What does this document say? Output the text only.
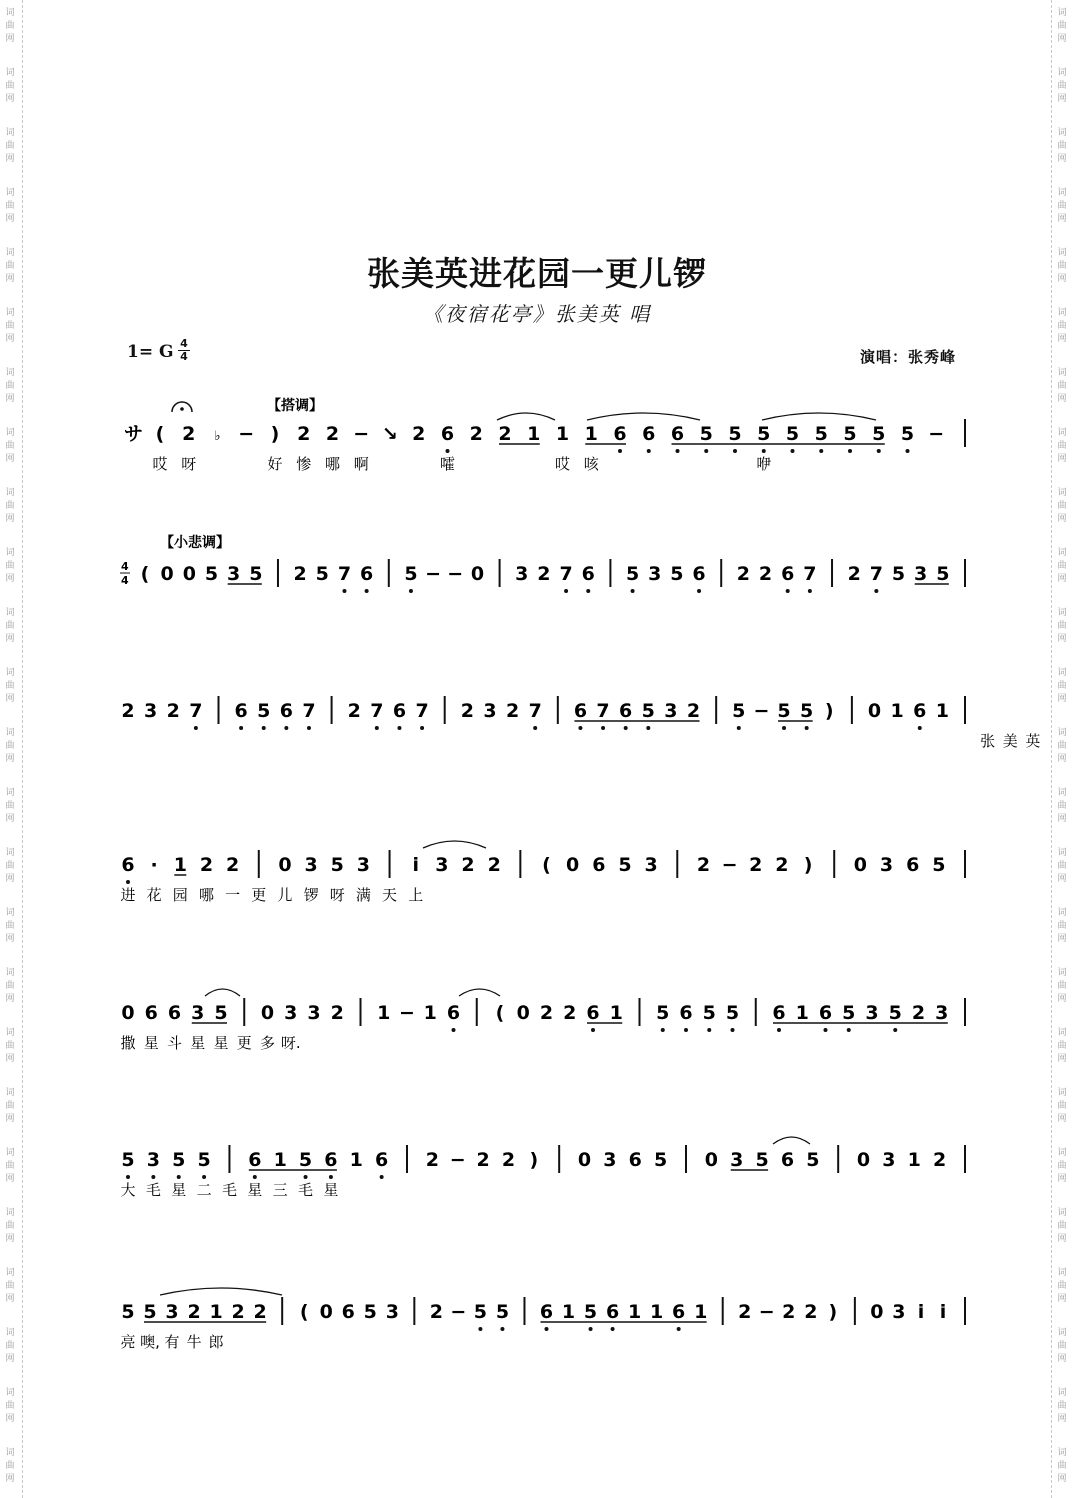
词
曲
网
词
曲
网
词
曲
网
词
曲
网
词
曲
网
词
曲
网
词
曲
网
词
曲
网
词
曲
网
词
曲
网
词
曲
网
词
曲
网
词
曲
网
词
曲
网
词
曲
网
词
曲
网
词
曲
网
词
曲
网
词
曲
网
词
曲
网
词
曲
网
词
曲
网
词
曲
网
词
曲
网
词
曲
网
词
曲
网
词
曲
网
词
曲
网
词
曲
网
词
曲
网
词
曲
网
词
曲
网
词
曲
网
词
曲
网
词
曲
网
词
曲
网
词
曲
网
词
曲
网
词
曲
网
词
曲
网
词
曲
网
词
曲
网
词
曲
网
词
曲
网
词
曲
网
词
曲
网
词
曲
网
词
曲
网
词
曲
网
词
曲
网
张美英进花园一更儿锣
《夜宿花亭》张美英 唱
1= G 4
4	演唱：张秀峰
【搭调】
【小悲调】
4
4
サ ( 2 ♭ − ) 2 2 − ↘ 2 6 2 2 1 1 1 6 6 6 5 5 5 5 5 5 5 5 −
哎 呀	好 惨 哪 啊	嚯	哎 咳	咿
( 0 0 5 3 5 2 5 7 6 5 − − 0 3 2 7 6 5 3 5 6 2 2 6 7 2 7 5 3 5
2 3 2 7 6 5 6 7 2 7 6 7 2 3 2 7 6 7 6 5 3 2 5 − 5 5 ) 0 1 6 1
张 美 英
6 · 1 2 2 0 3 5 3 i 3 2 2 ( 0 6 5 3 2 − 2 2 ) 0 3 6 5
进 花 园 哪 一 更 儿 锣 呀 满 天 上
0 6 6 3 5 0 3 3 2 1 − 1 6 ( 0 2 2 6 1 5 6 5 5 6 1 6 5 3 5 2 3
撒 星 斗 星 星 更 多 呀.
5 3 5 5 6 1 5 6 1 6 2 − 2 2 ) 0 3 6 5 0 3 5 6 5 0 3 1 2
大 毛 星 二 毛 星 三 毛 星
5 5 3 2 1 2 2 ( 0 6 5 3 2 − 5 5 6 1 5 6 1 1 6 1 2 − 2 2 ) 0 3 i i
亮 噢, 有 牛 郎
